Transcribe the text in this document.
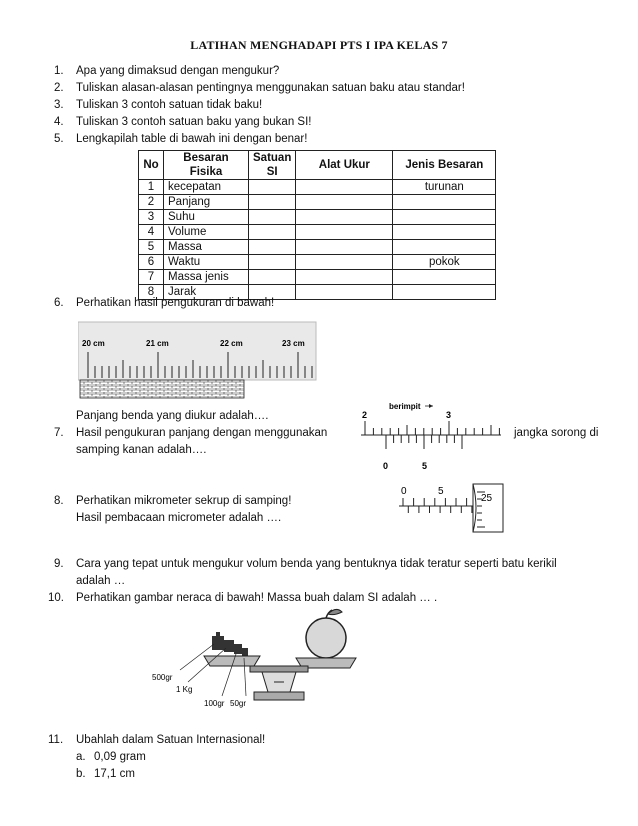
LATIHAN MENGHADAPI PTS I IPA KELAS 7
1. Apa yang dimaksud dengan mengukur?
2. Tuliskan alasan-alasan pentingnya menggunakan satuan baku atau standar!
3. Tuliskan 3 contoh satuan tidak baku!
4. Tuliskan 3 contoh satuan baku yang bukan SI!
5. Lengkapilah table di bawah ini dengan benar!
No	Besaran Fisika	Satuan SI	Alat Ukur	Jenis Besaran
1	kecepatan			turunan
2	Panjang			
3	Suhu			
4	Volume			
5	Massa			
6	Waktu			pokok
7	Massa jenis			
8	Jarak			
6. Perhatikan hasil pengukuran di bawah!
20 cm	21 cm	22 cm	23 cm
Panjang benda yang diukur adalah….
7. Hasil pengukuran panjang dengan menggunakan	jangka sorong di
samping kanan adalah….
berimpit
2	3
0	5
8. Perhatikan mikrometer sekrup di samping!
Hasil pembacaan micrometer adalah ….
0	5
25
9. Cara yang tepat untuk mengukur volum benda yang bentuknya tidak teratur seperti batu kerikil
adalah …
10. Perhatikan gambar neraca di bawah! Massa buah dalam SI adalah … .
500gr
1 Kg
100gr 50gr
11. Ubahlah dalam Satuan Internasional!
a. 0,09 gram
b. 17,1 cm
